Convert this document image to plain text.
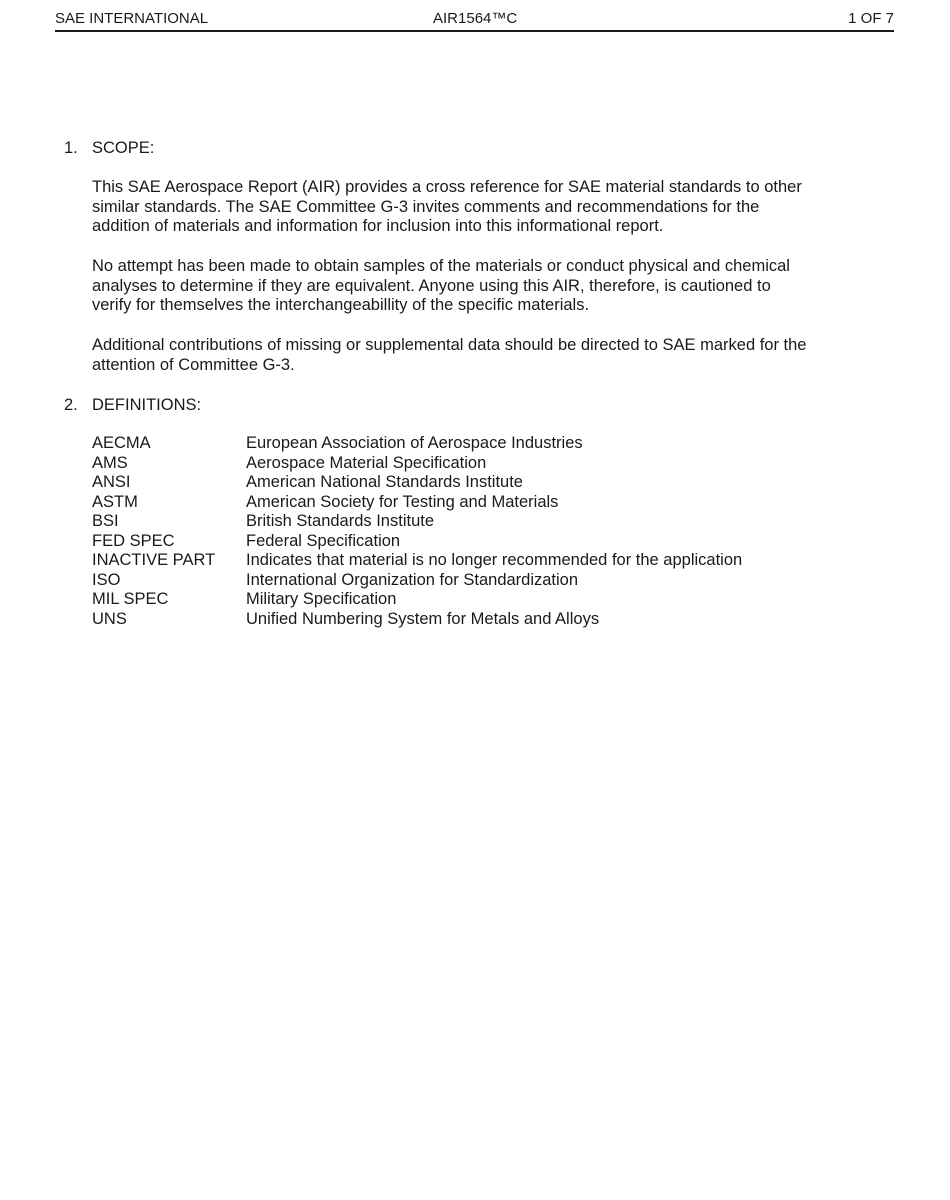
SAE INTERNATIONAL	AIR1564™C	1 OF 7
1. SCOPE:

This SAE Aerospace Report (AIR) provides a cross reference for SAE material standards to other similar standards. The SAE Committee G-3 invites comments and recommendations for the addition of materials and information for inclusion into this informational report.

No attempt has been made to obtain samples of the materials or conduct physical and chemical analyses to determine if they are equivalent. Anyone using this AIR, therefore, is cautioned to verify for themselves the interchangeabillity of the specific materials.

Additional contributions of missing or supplemental data should be directed to SAE marked for the attention of Committee G-3.

2. DEFINITIONS:
AECMA	European Association of Aerospace Industries
AMS	Aerospace Material Specification
ANSI	American National Standards Institute
ASTM	American Society for Testing and Materials
BSI	British Standards Institute
FED SPEC	Federal Specification
INACTIVE PART	Indicates that material is no longer recommended for the application
ISO	International Organization for Standardization
MIL SPEC	Military Specification
UNS	Unified Numbering System for Metals and Alloys
